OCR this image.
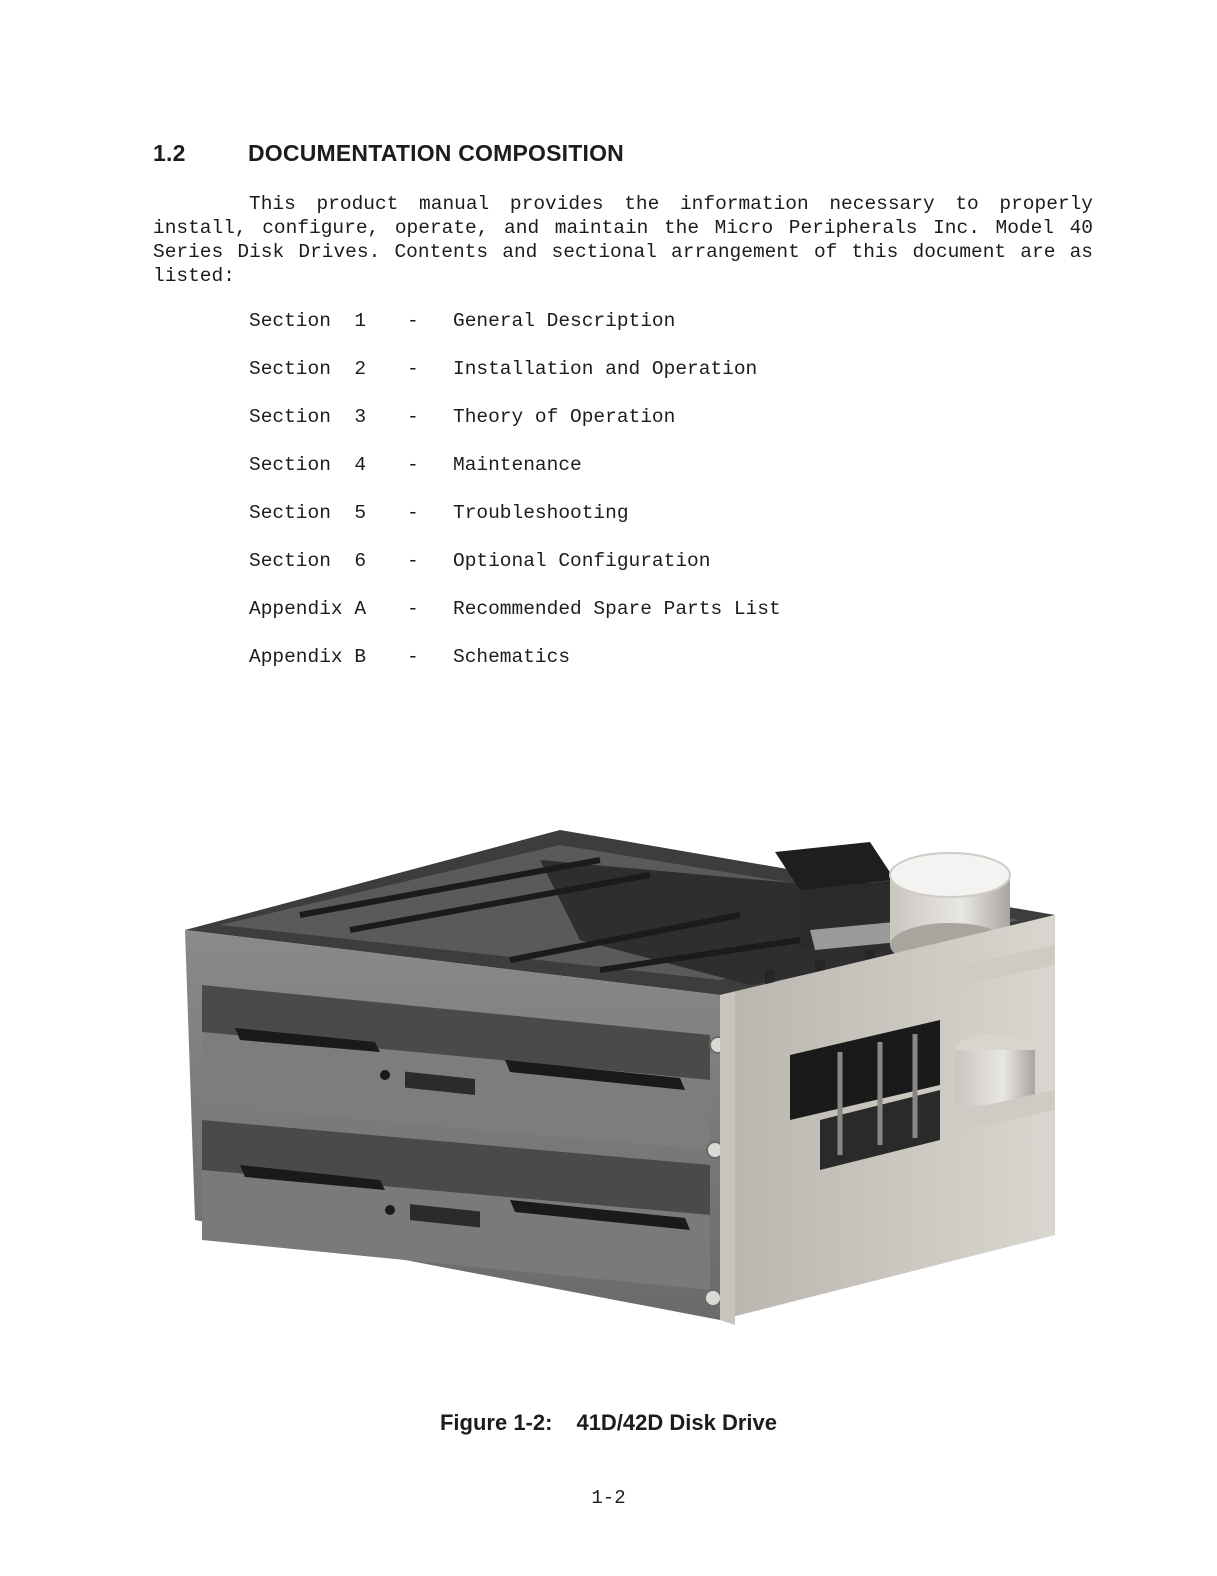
1.2	DOCUMENTATION COMPOSITION

This product manual provides the information necessary to properly install, configure, operate, and maintain the Micro Peripherals Inc. Model 40 Series Disk Drives. Contents and sectional arrangement of this document are as listed:

Section  1 - General Description
Section  2 - Installation and Operation
Section  3 - Theory of Operation
Section  4 - Maintenance
Section  5 - Troubleshooting
Section  6 - Optional Configuration
Appendix A - Recommended Spare Parts List
Appendix B - Schematics
Figure 1-2: 41D/42D Disk Drive
1-2
